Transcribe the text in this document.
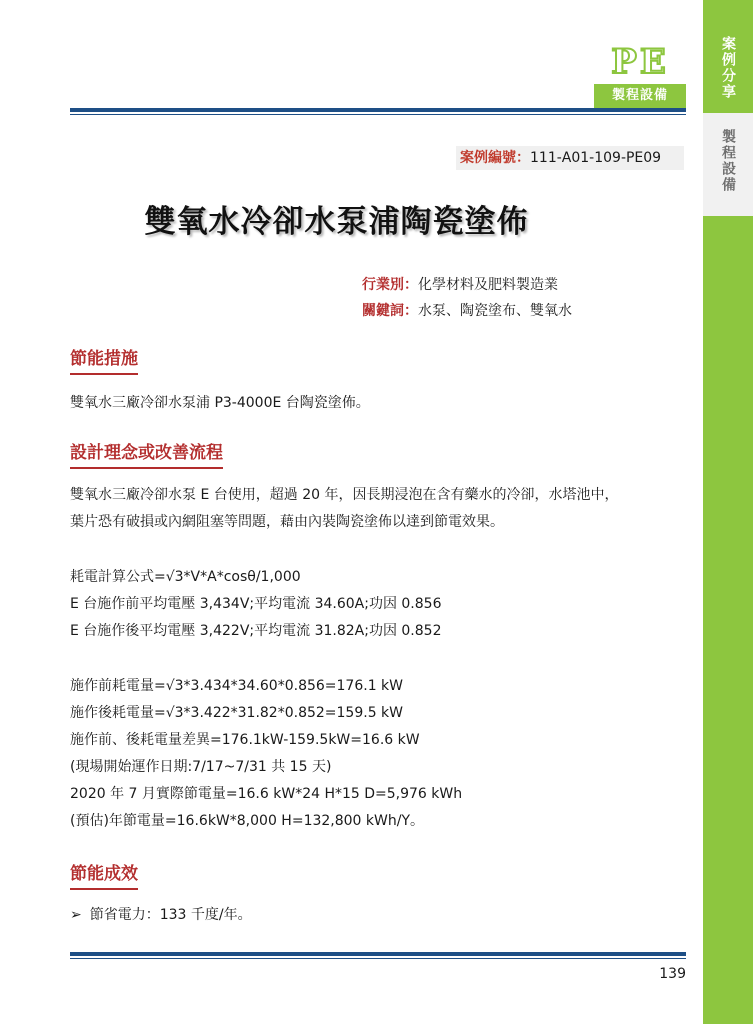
案例分享
製程設備
PE
製程設備
案例編號：111-A01-109-PE09
雙氧水冷卻水泵浦陶瓷塗佈
行業別：化學材料及肥料製造業
關鍵詞：水泵、陶瓷塗布、雙氧水
節能措施
雙氧水三廠冷卻水泵浦 P3-4000E 台陶瓷塗佈。
設計理念或改善流程
雙氧水三廠冷卻水泵 E 台使用，超過 20 年，因長期浸泡在含有藥水的冷卻，水塔池中，
葉片恐有破損或內網阻塞等問題，藉由內裝陶瓷塗佈以達到節電效果。
耗電計算公式=√3*V*A*cosθ/1,000
E 台施作前平均電壓 3,434V;平均電流 34.60A;功因 0.856
E 台施作後平均電壓 3,422V;平均電流 31.82A;功因 0.852
施作前耗電量=√3*3.434*34.60*0.856=176.1 kW
施作後耗電量=√3*3.422*31.82*0.852=159.5 kW
施作前、後耗電量差異=176.1kW-159.5kW=16.6 kW
(現場開始運作日期:7/17~7/31 共 15 天)
2020 年 7 月實際節電量=16.6 kW*24 H*15 D=5,976 kWh
(預估)年節電量=16.6kW*8,000 H=132,800 kWh/Y。
節能成效
➢ 節省電力：133 千度/年。
139
